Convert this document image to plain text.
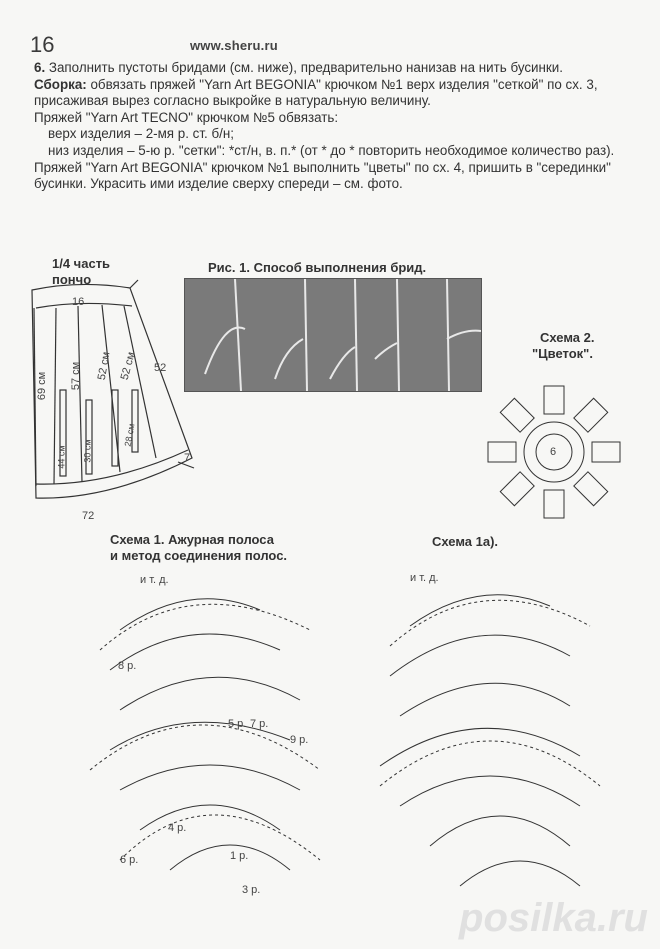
16	www.sheru.ru

6. Заполнить пустоты бридами (см. ниже), предварительно нанизав на нить бусинки.

Сборка: обвязать пряжей "Yarn Art BEGONIA" крючком №1 верх изделия "сеткой" по сх. 3, присаживая вырез согласно выкройке в натуральную величину.

Пряжей "Yarn Art TECNO" крючком №5 обвязать:

верх изделия – 2-мя р. ст. б/н;

низ изделия – 5-ю р. "сетки": *ст/н, в. п.* (от * до * повторить необходимое количество раз).

Пряжей "Yarn Art BEGONIA" крючком №1 выполнить "цветы" по сх. 4, пришить в "серединки" бусинки. Украсить ими изделие сверху спереди – см. фото.

1/4 часть
пончо
16
52
72
7
69 см 57 см 52 см 52 см
44 см 30 см
28 см
Рис. 1. Способ выполнения брид.
Схема 2.
"Цветок".
6
Схема 1. Ажурная полоса
и метод соединения полос.
Схема 1а).
и т. д.
8 р.
5 р. 7 р.
9 р.
4 р.
6 р.	1 р.
3 р.
и т. д.
posilka.ru
